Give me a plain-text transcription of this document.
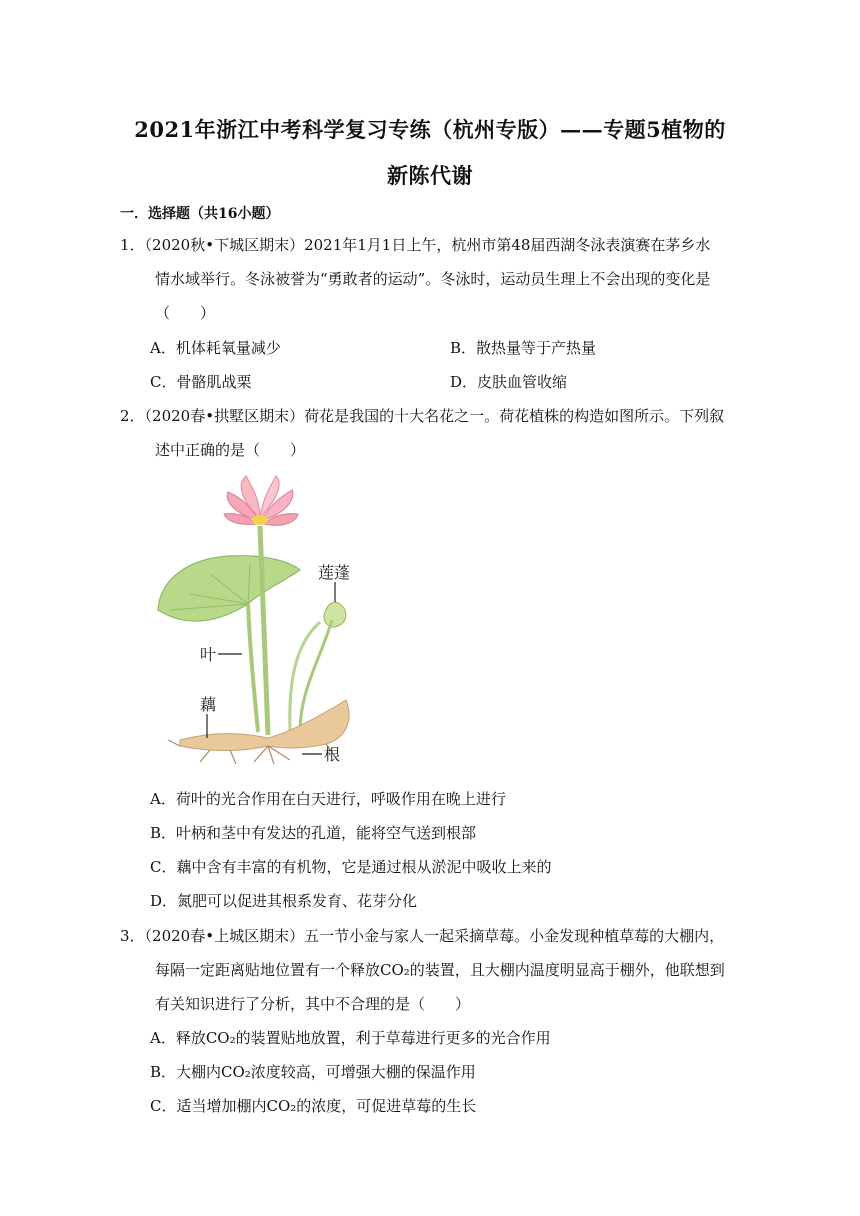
2021年浙江中考科学复习专练（杭州专版）——专题5植物的
新陈代谢
一．选择题（共16小题）
1．（2020秋•下城区期末）2021年1月1日上午，杭州市第48届西湖冬泳表演赛在茅乡水
情水域举行。冬泳被誉为“勇敢者的运动”。冬泳时，运动员生理上不会出现的变化是
（　　）
A．机体耗氧量减少	B．散热量等于产热量
C．骨骼肌战栗	D．皮肤血管收缩
2．（2020春•拱墅区期末）荷花是我国的十大名花之一。荷花植株的构造如图所示。下列叙
述中正确的是（　　）
莲蓬
叶
藕
根
A．荷叶的光合作用在白天进行，呼吸作用在晚上进行
B．叶柄和茎中有发达的孔道，能将空气送到根部
C．藕中含有丰富的有机物，它是通过根从淤泥中吸收上来的
D．氮肥可以促进其根系发育、花芽分化
3．（2020春•上城区期末）五一节小金与家人一起采摘草莓。小金发现种植草莓的大棚内，
每隔一定距离贴地位置有一个释放CO₂的装置，且大棚内温度明显高于棚外，他联想到
有关知识进行了分析，其中不合理的是（　　）
A．释放CO₂的装置贴地放置，利于草莓进行更多的光合作用
B．大棚内CO₂浓度较高，可增强大棚的保温作用
C．适当增加棚内CO₂的浓度，可促进草莓的生长
